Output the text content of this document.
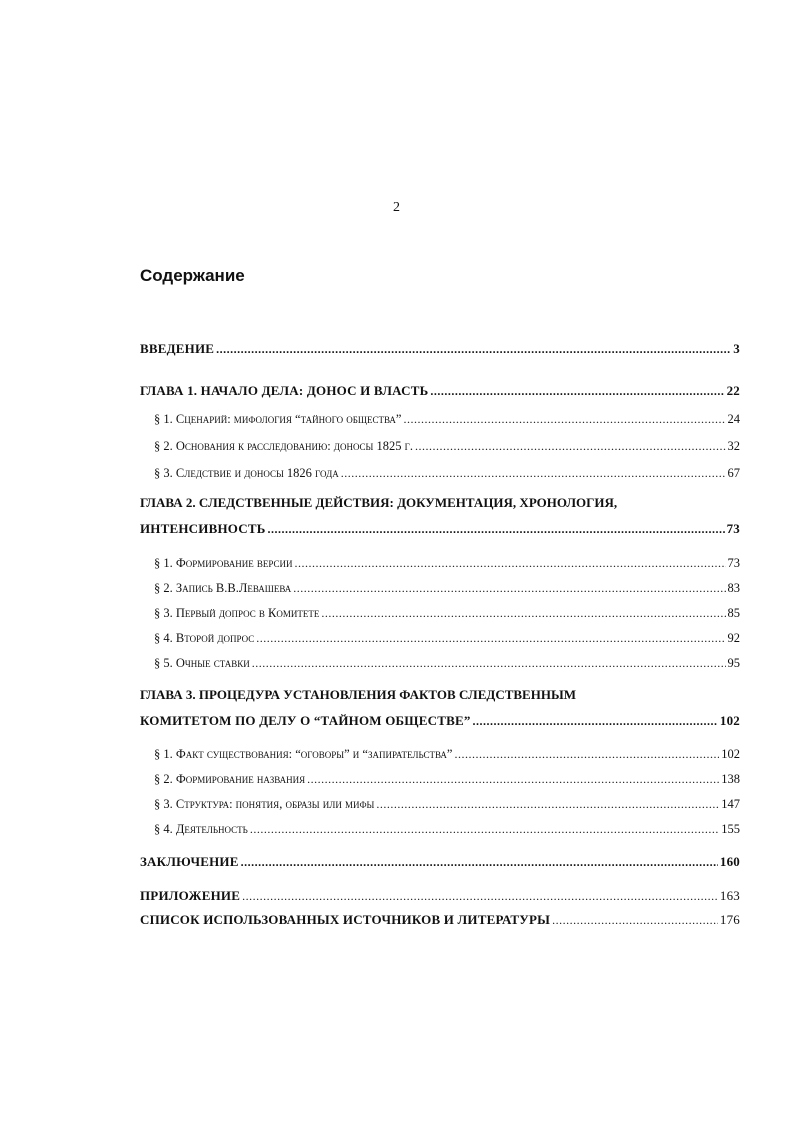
2
Содержание
ВВЕДЕНИЕ .....	3
ГЛАВА 1. НАЧАЛО ДЕЛА: ДОНОС И ВЛАСТЬ .....	22
§ 1. Сценарий: мифология “тайного общества” .....	24
§ 2. Основания к расследованию: доносы 1825 г. .....	32
§ 3. Следствие и доносы 1826 года .....	67
ГЛАВА 2. СЛЕДСТВЕННЫЕ ДЕЙСТВИЯ: ДОКУМЕНТАЦИЯ, ХРОНОЛОГИЯ,
ИНТЕНСИВНОСТЬ .....	73
§ 1. Формирование версии .....	73
§ 2. Запись В.В.Левашева .....	83
§ 3. Первый допрос в Комитете .....	85
§ 4. Второй допрос .....	92
§ 5. Очные ставки .....	95
ГЛАВА 3. ПРОЦЕДУРА УСТАНОВЛЕНИЯ ФАКТОВ СЛЕДСТВЕННЫМ
КОМИТЕТОМ ПО ДЕЛУ О “ТАЙНОМ ОБЩЕСТВЕ” .....	102
§ 1. Факт существования: “оговоры” и “запирательства” .....	102
§ 2. Формирование названия .....	138
§ 3. Структура: понятия, образы или мифы .....	147
§ 4. Деятельность .....	155
ЗАКЛЮЧЕНИЕ .....	160
ПРИЛОЖЕНИЕ .....	163
СПИСОК ИСПОЛЬЗОВАННЫХ ИСТОЧНИКОВ И ЛИТЕРАТУРЫ .....	176
